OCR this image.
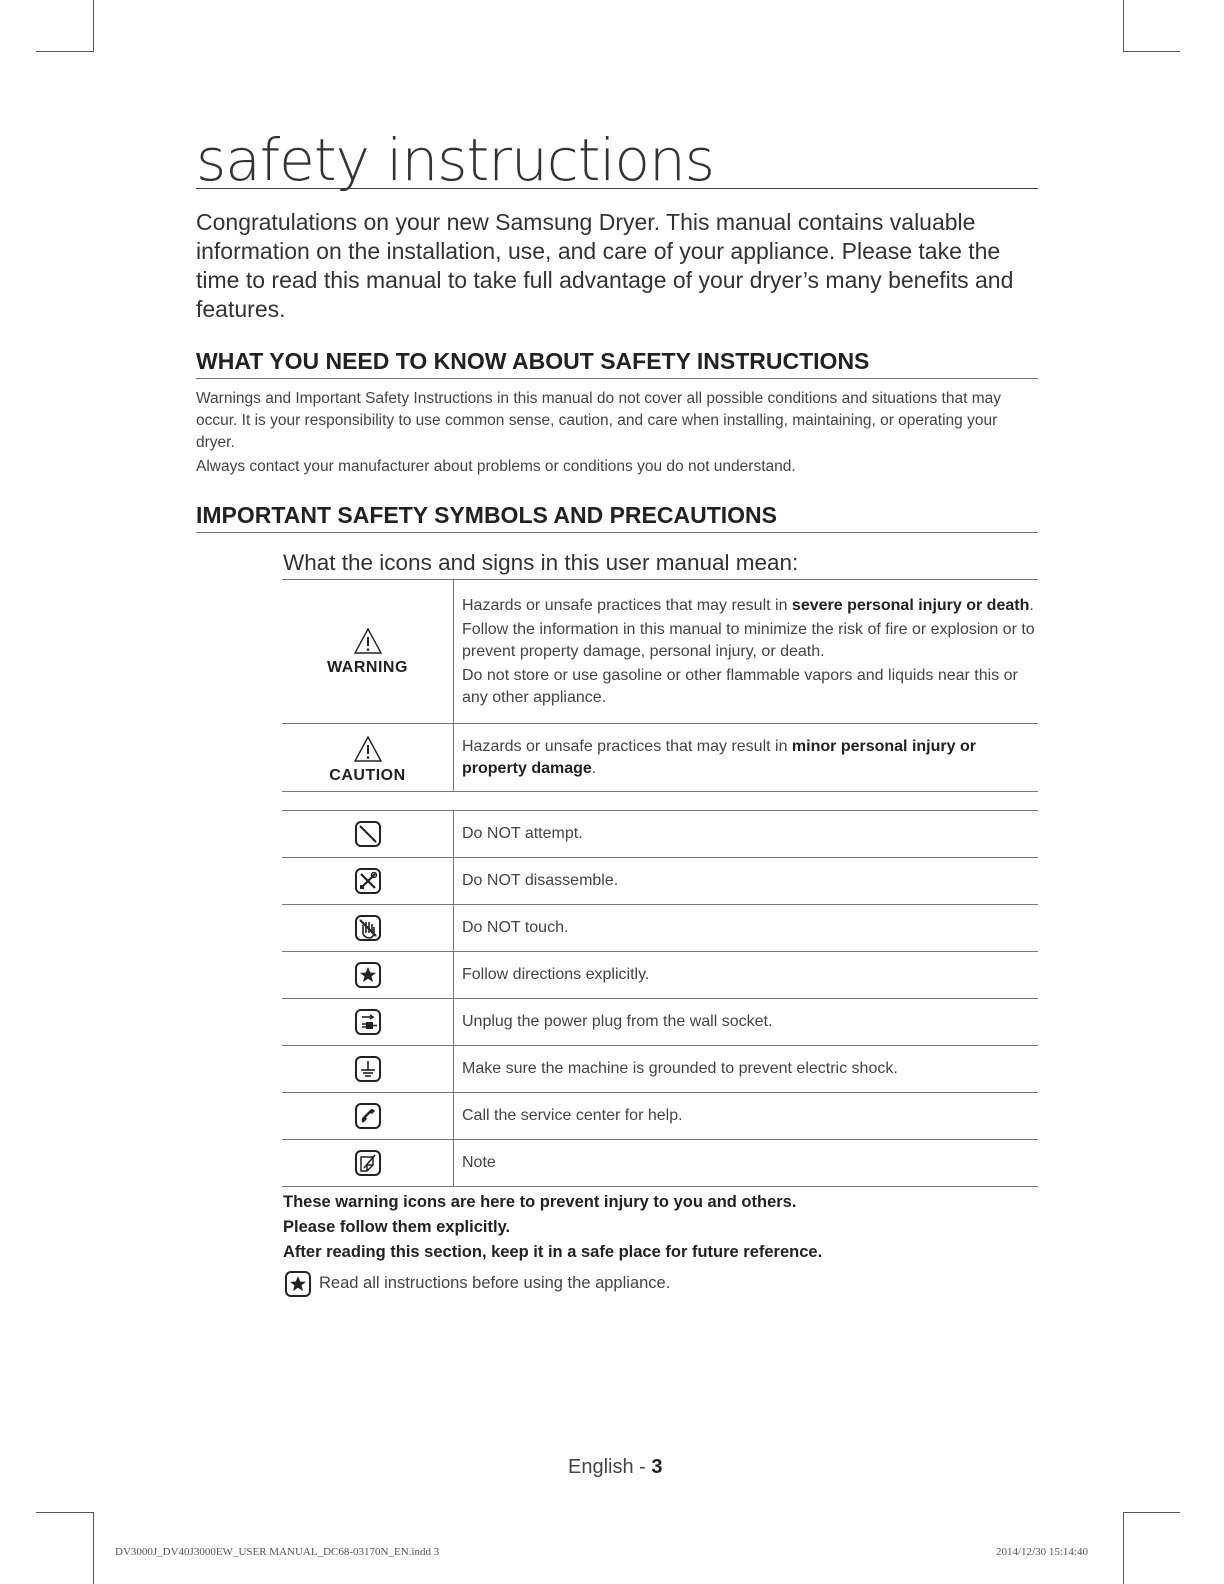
safety instructions

Congratulations on your new Samsung Dryer. This manual contains valuable information on the installation, use, and care of your appliance. Please take the time to read this manual to take full advantage of your dryer’s many benefits and features.

WHAT YOU NEED TO KNOW ABOUT SAFETY INSTRUCTIONS

Warnings and Important Safety Instructions in this manual do not cover all possible conditions and situations that may occur. It is your responsibility to use common sense, caution, and care when installing, maintaining, or operating your dryer.

Always contact your manufacturer about problems or conditions you do not understand.

IMPORTANT SAFETY SYMBOLS AND PRECAUTIONS
What the icons and signs in this user manual mean:
WARNING	Hazards or unsafe practices that may result in severe personal injury or death.

Follow the information in this manual to minimize the risk of fire or explosion or to prevent property damage, personal injury, or death.

Do not store or use gasoline or other flammable vapors and liquids near this or any other appliance.

CAUTION	Hazards or unsafe practices that may result in minor personal injury or property damage.
	Do NOT attempt.
	Do NOT disassemble.
	Do NOT touch.
	Follow directions explicitly.
	Unplug the power plug from the wall socket.
	Make sure the machine is grounded to prevent electric shock.
	Call the service center for help.
	Note

These warning icons are here to prevent injury to you and others.

Please follow them explicitly.

After reading this section, keep it in a safe place for future reference.

Read all instructions before using the appliance.
English - 3
DV3000J_DV40J3000EW_USER MANUAL_DC68-03170N_EN.indd 3	2014/12/30 15:14:40
